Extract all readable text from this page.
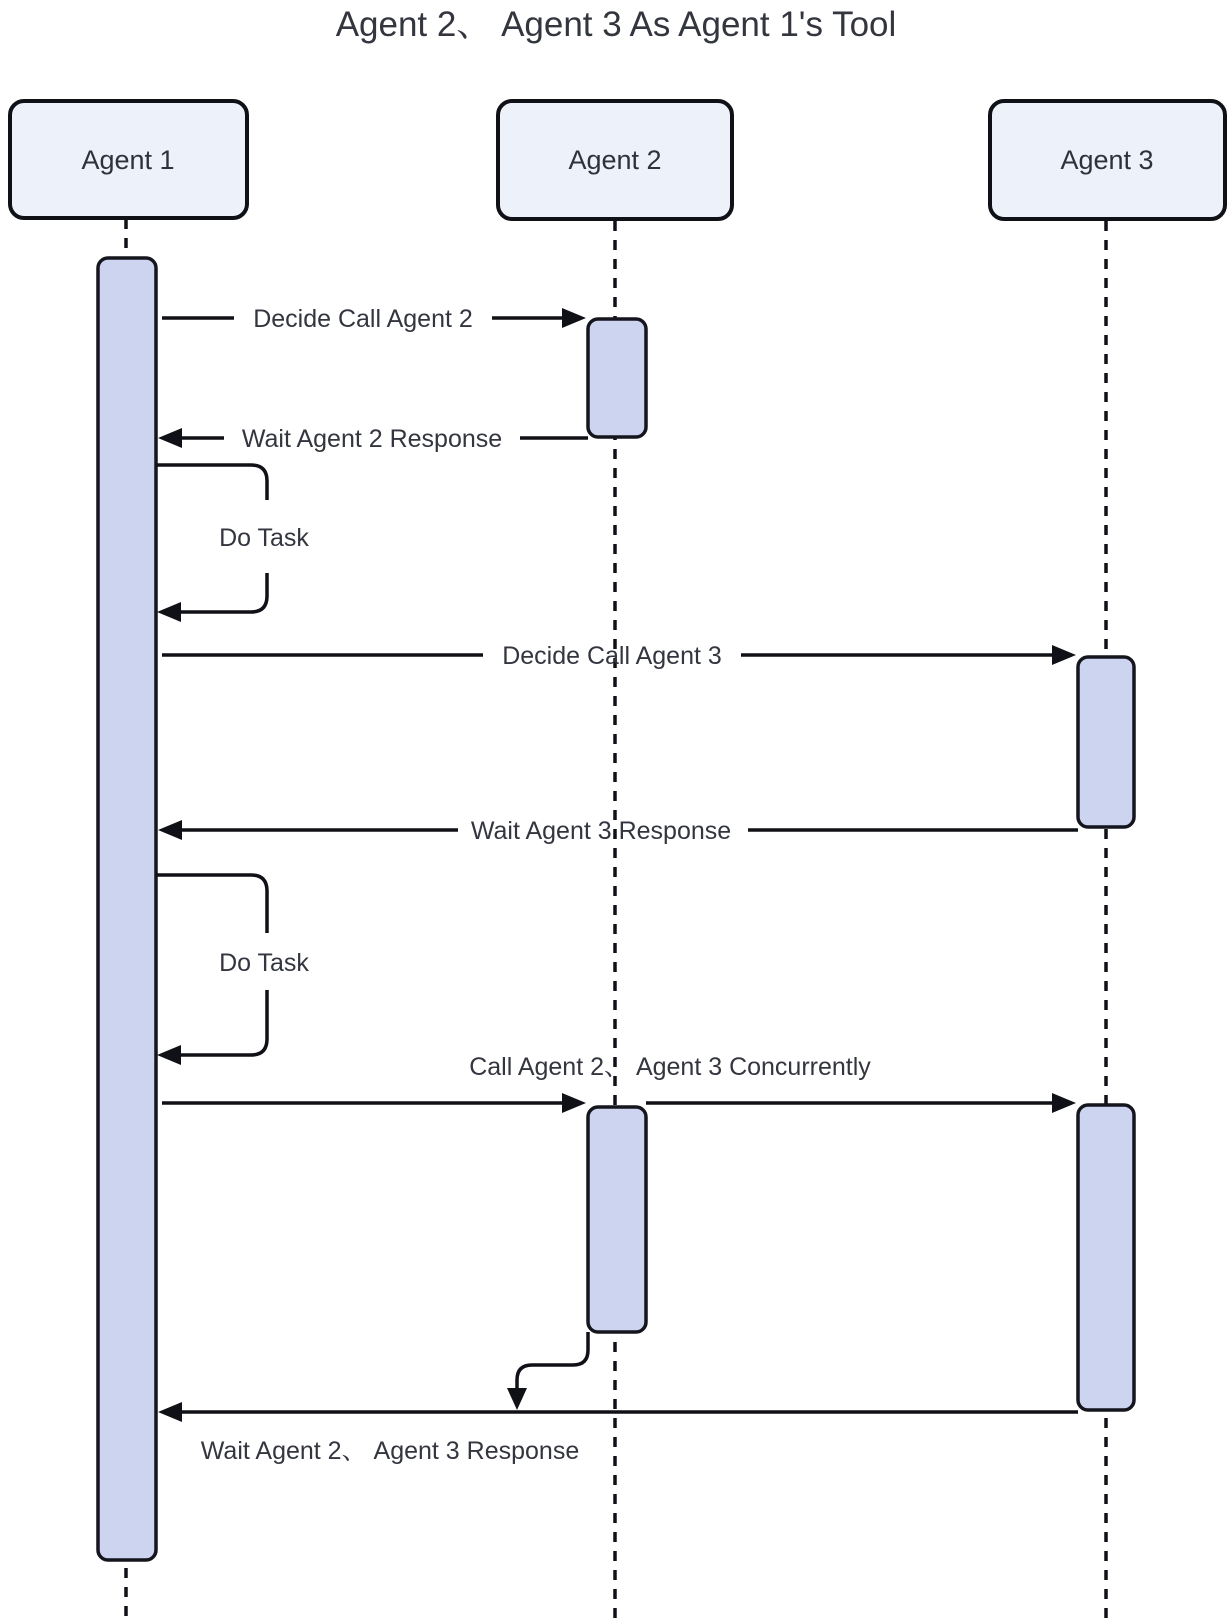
Agent 2、 Agent 3 As Agent 1's Tool
Agent 1	Agent 2	Agent 3
Decide Call Agent 2
Wait Agent 2 Response
Do Task
Decide Call Agent 3
Wait Agent 3 Response
Do Task
Call Agent 2、 Agent 3 Concurrently
Wait Agent 2、 Agent 3 Response
